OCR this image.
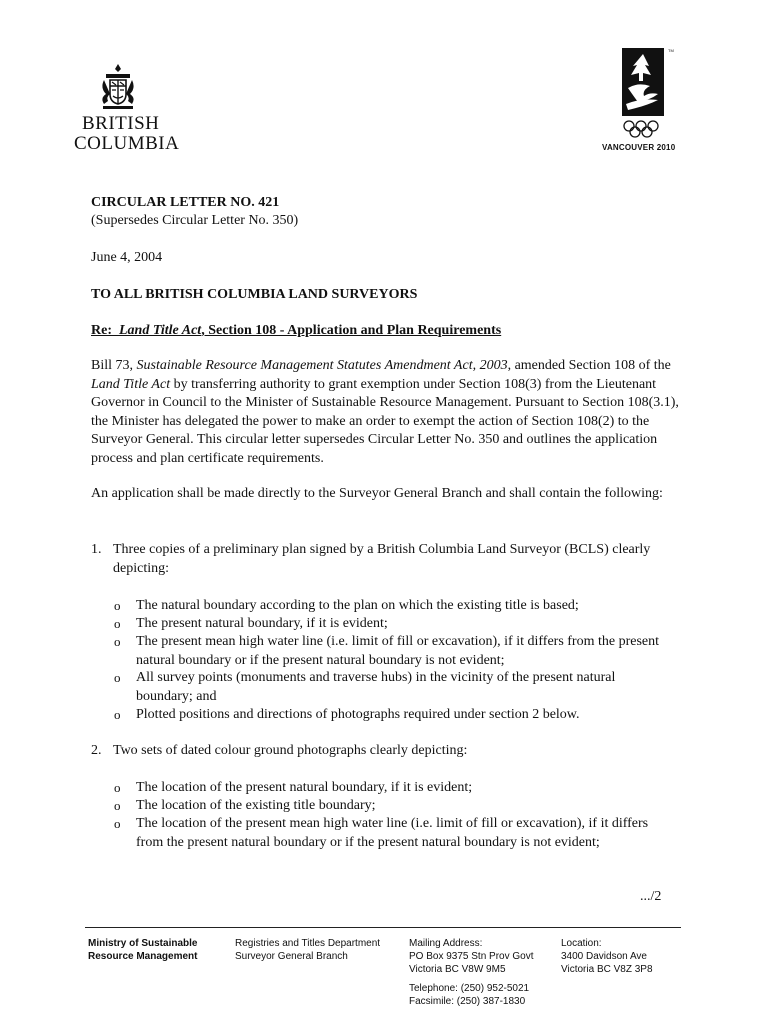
BRITISH
COLUMBIA
TM
VANCOUVER 2010
CIRCULAR LETTER NO. 421
(Supersedes Circular Letter No. 350)
June 4, 2004
TO ALL BRITISH COLUMBIA LAND SURVEYORS
Re: Land Title Act, Section 108 - Application and Plan Requirements
Bill 73, Sustainable Resource Management Statutes Amendment Act, 2003, amended Section 108 of the Land Title Act by transferring authority to grant exemption under Section 108(3) from the Lieutenant Governor in Council to the Minister of Sustainable Resource Management. Pursuant to Section 108(3.1), the Minister has delegated the power to make an order to exempt the action of Section 108(2) to the Surveyor General. This circular letter supersedes Circular Letter No. 350 and outlines the application process and plan certificate requirements.
An application shall be made directly to the Surveyor General Branch and shall contain the following:
1. Three copies of a preliminary plan signed by a British Columbia Land Surveyor (BCLS) clearly depicting:
o The natural boundary according to the plan on which the existing title is based;
o The present natural boundary, if it is evident;
o The present mean high water line (i.e. limit of fill or excavation), if it differs from the present natural boundary or if the present natural boundary is not evident;
o All survey points (monuments and traverse hubs) in the vicinity of the present natural boundary; and
o Plotted positions and directions of photographs required under section 2 below.
2. Two sets of dated colour ground photographs clearly depicting:
o The location of the present natural boundary, if it is evident;
o The location of the existing title boundary;
o The location of the present mean high water line (i.e. limit of fill or excavation), if it differs from the present natural boundary or if the present natural boundary is not evident;
.../2
Ministry of Sustainable
Resource Management
Registries and Titles Department
Surveyor General Branch
Mailing Address:
PO Box 9375 Stn Prov Govt
Victoria BC V8W 9M5
Telephone: (250) 952-5021
Facsimile: (250) 387-1830
Location:
3400 Davidson Ave
Victoria BC V8Z 3P8
